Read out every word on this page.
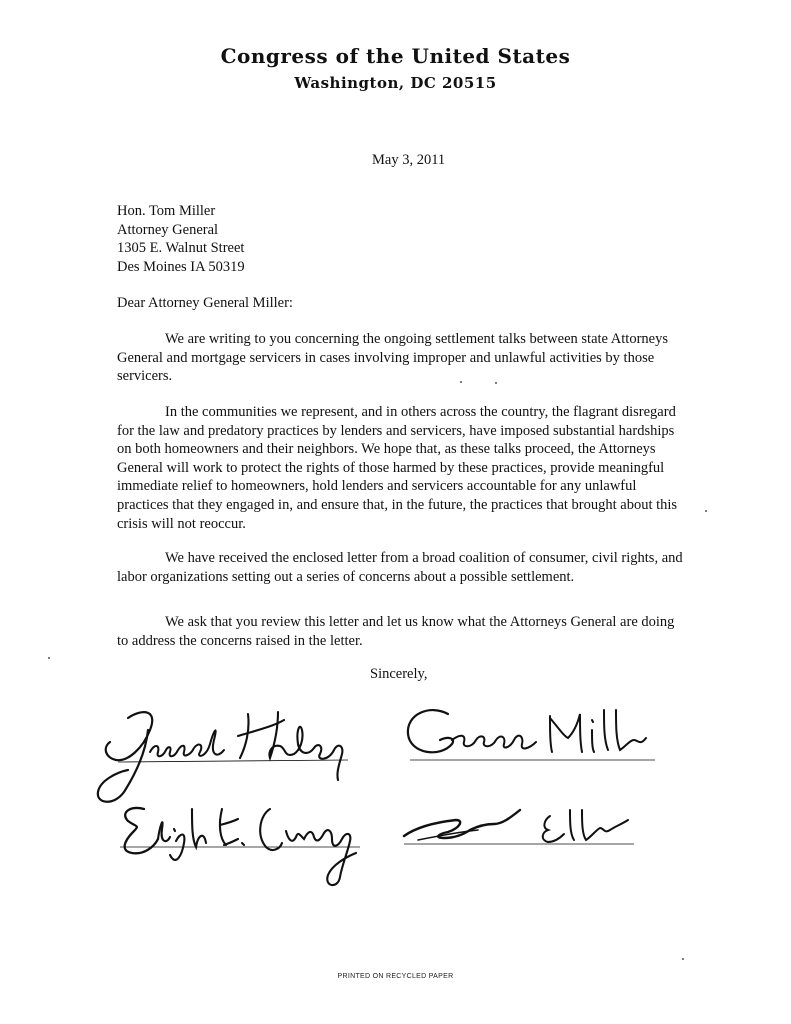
Congress of the United States
Washington, DC 20515
May 3, 2011
Hon. Tom Miller
Attorney General
1305 E. Walnut Street
Des Moines IA 50319
Dear Attorney General Miller:
We are writing to you concerning the ongoing settlement talks between state Attorneys General and mortgage servicers in cases involving improper and unlawful activities by those servicers.
In the communities we represent, and in others across the country, the flagrant disregard for the law and predatory practices by lenders and servicers, have imposed substantial hardships on both homeowners and their neighbors. We hope that, as these talks proceed, the Attorneys General will work to protect the rights of those harmed by these practices, provide meaningful immediate relief to homeowners, hold lenders and servicers accountable for any unlawful practices that they engaged in, and ensure that, in the future, the practices that brought about this crisis will not reoccur.
We have received the enclosed letter from a broad coalition of consumer, civil rights, and labor organizations setting out a series of concerns about a possible settlement.
We ask that you review this letter and let us know what the Attorneys General are doing to address the concerns raised in the letter.
Sincerely,
PRINTED ON RECYCLED PAPER
